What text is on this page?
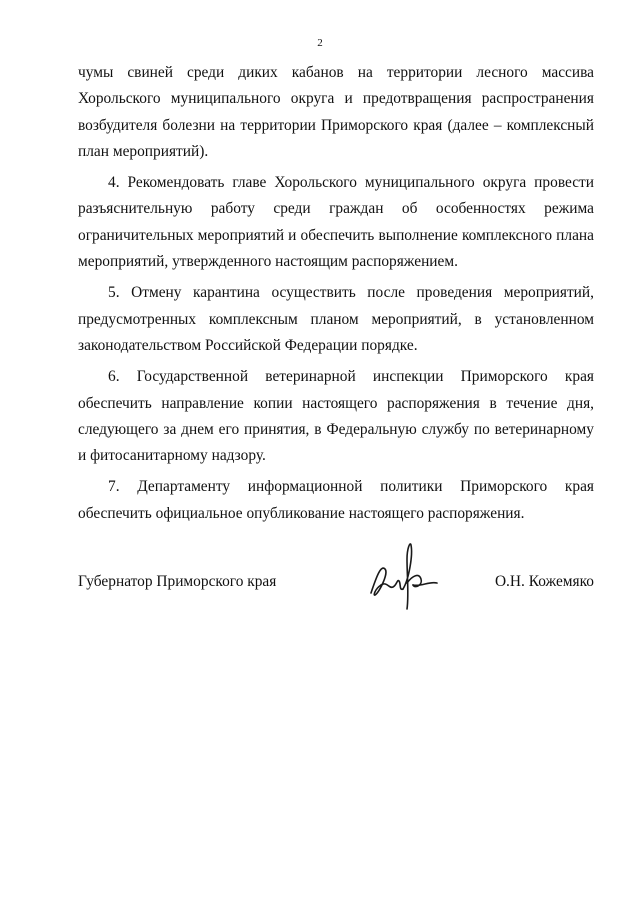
2

чумы свиней среди диких кабанов на территории лесного массива Хорольского муниципального округа и предотвращения распространения возбудителя болезни на территории Приморского края (далее – комплексный план мероприятий).

4. Рекомендовать главе Хорольского муниципального округа провести разъяснительную работу среди граждан об особенностях режима ограничительных мероприятий и обеспечить выполнение комплексного плана мероприятий, утвержденного настоящим распоряжением.

5. Отмену карантина осуществить после проведения мероприятий, предусмотренных комплексным планом мероприятий, в установленном законодательством Российской Федерации порядке.

6. Государственной ветеринарной инспекции Приморского края обеспечить направление копии настоящего распоряжения в течение дня, следующего за днем его принятия, в Федеральную службу по ветеринарному и фитосанитарному надзору.

7. Департаменту информационной политики Приморского края обеспечить официальное опубликование настоящего распоряжения.

Губернатор Приморского края	О.Н. Кожемяко
